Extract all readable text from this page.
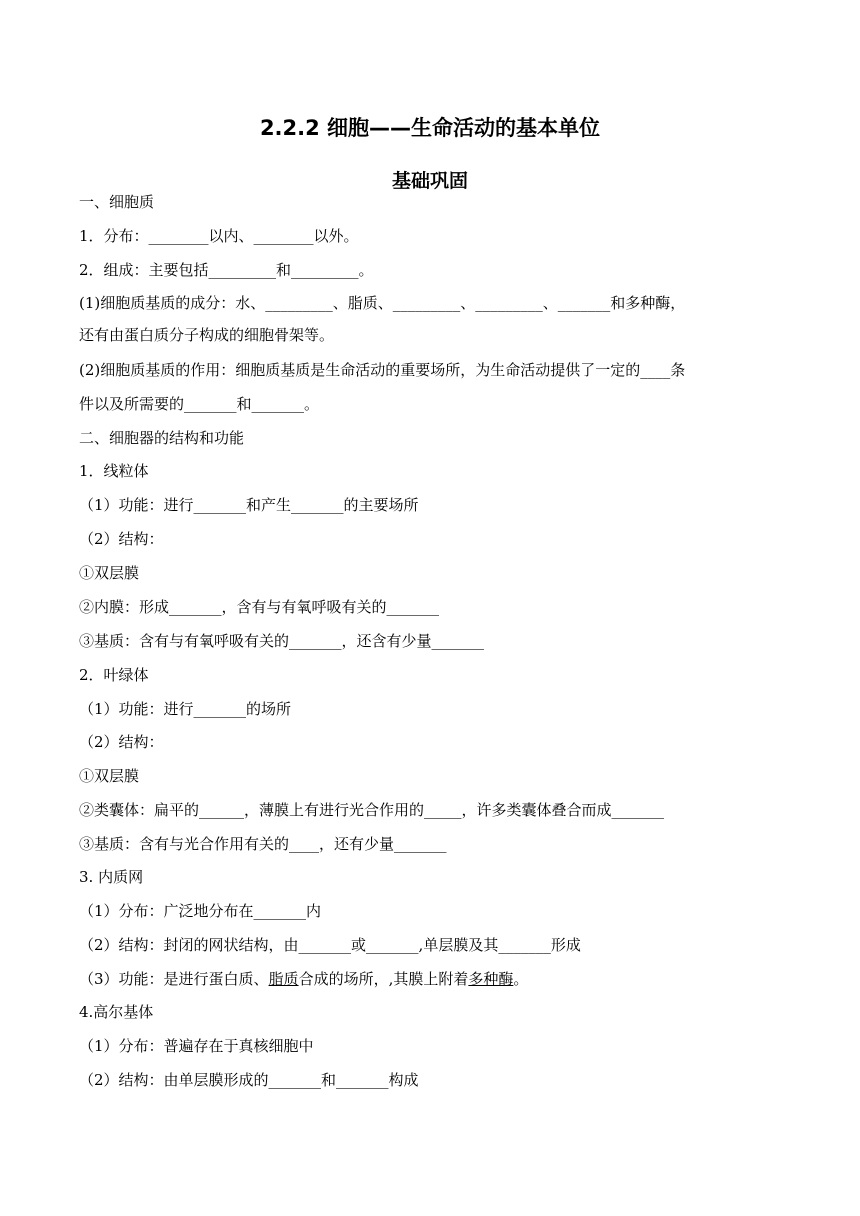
2.2.2 细胞——生命活动的基本单位
基础巩固
一、细胞质
1．分布：________以内、________以外。
2．组成：主要包括_________和_________。
(1)细胞质基质的成分：水、_________、脂质、_________、_________、_______和多种酶，
还有由蛋白质分子构成的细胞骨架等。
(2)细胞质基质的作用：细胞质基质是生命活动的重要场所，为生命活动提供了一定的____条
件以及所需要的_______和_______。
二、细胞器的结构和功能
1．线粒体
（1）功能：进行_______和产生_______的主要场所
（2）结构：
①双层膜
②内膜：形成_______，含有与有氧呼吸有关的_______
③基质：含有与有氧呼吸有关的_______，还含有少量_______
2．叶绿体
（1）功能：进行_______的场所
（2）结构：
①双层膜
②类囊体：扁平的______，薄膜上有进行光合作用的_____，许多类囊体叠合而成_______
③基质：含有与光合作用有关的____，还有少量_______
3. 内质网
（1）分布：广泛地分布在_______内
（2）结构：封闭的网状结构，由_______或_______,单层膜及其_______形成
（3）功能：是进行蛋白质、脂质合成的场所，,其膜上附着多种酶。
4.高尔基体
（1）分布：普遍存在于真核细胞中
（2）结构：由单层膜形成的_______和_______构成
